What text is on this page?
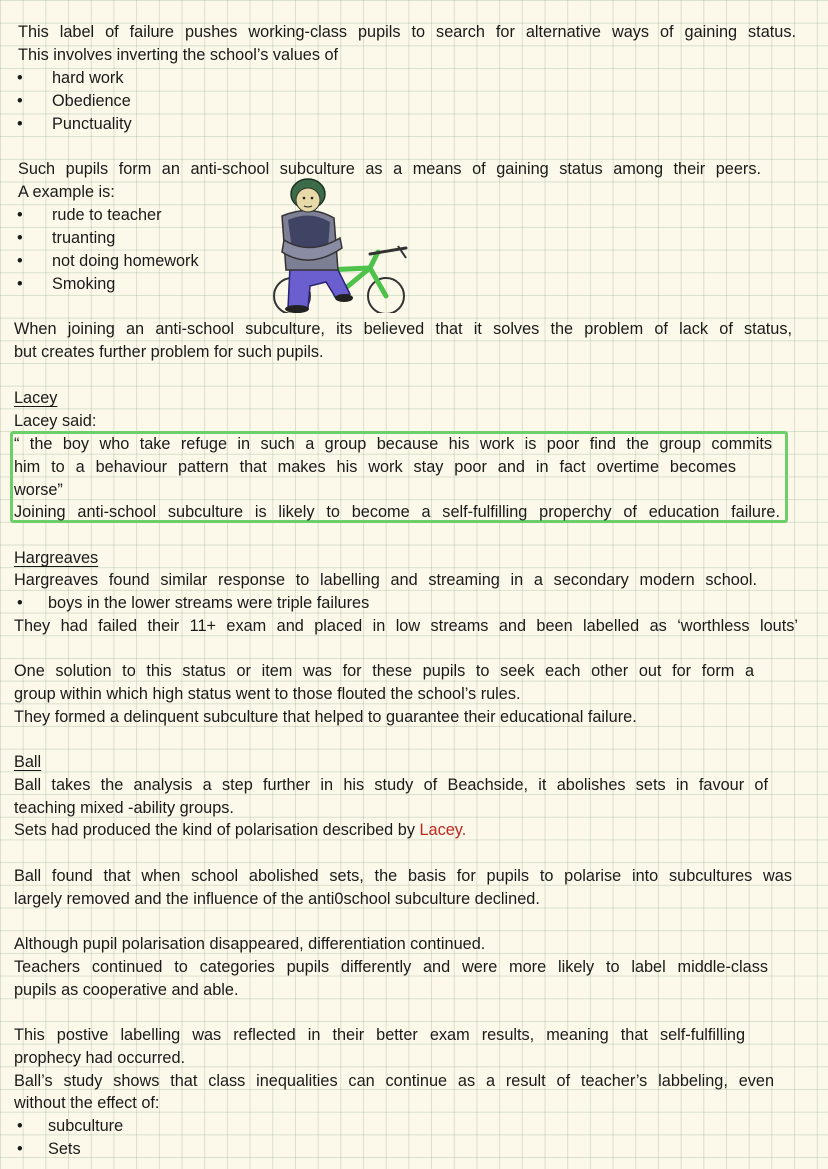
This label of failure pushes working-class pupils to search for alternative ways of gaining status.
This involves inverting the school’s values of
• hard work
• Obedience
• Punctuality
Such pupils form an anti-school subculture as a means of gaining status among their peers.
A example is:
• rude to teacher
• truanting
• not doing homework
• Smoking
When joining an anti-school subculture, its believed that it solves the problem of lack of status,
but creates further problem for such pupils.
Lacey
Lacey said:
“ the boy who take refuge in such a group because his work is poor find the group commits
him to a behaviour pattern that makes his work stay poor and in fact overtime becomes
worse”
Joining anti-school subculture is likely to become a self-fulfilling properchy of education failure.
Hargreaves
Hargreaves found similar response to labelling and streaming in a secondary modern school.
• boys in the lower streams were triple failures
They had failed their 11+ exam and placed in low streams and been labelled as ‘worthless louts’
One solution to this status or item was for these pupils to seek each other out for form a
group within which high status went to those flouted the school’s rules.
They formed a delinquent subculture that helped to guarantee their educational failure.
Ball
Ball takes the analysis a step further in his study of Beachside, it abolishes sets in favour of
teaching mixed -ability groups.
Sets had produced the kind of polarisation described by Lacey.
Ball found that when school abolished sets, the basis for pupils to polarise into subcultures was
largely removed and the influence of the anti0school subculture declined.
Although pupil polarisation disappeared, differentiation continued.
Teachers continued to categories pupils differently and were more likely to label middle-class
pupils as cooperative and able.
This postive labelling was reflected in their better exam results, meaning that self-fulfilling
prophecy had occurred.
Ball’s study shows that class inequalities can continue as a result of teacher’s labbeling, even
without the effect of:
• subculture
• Sets
